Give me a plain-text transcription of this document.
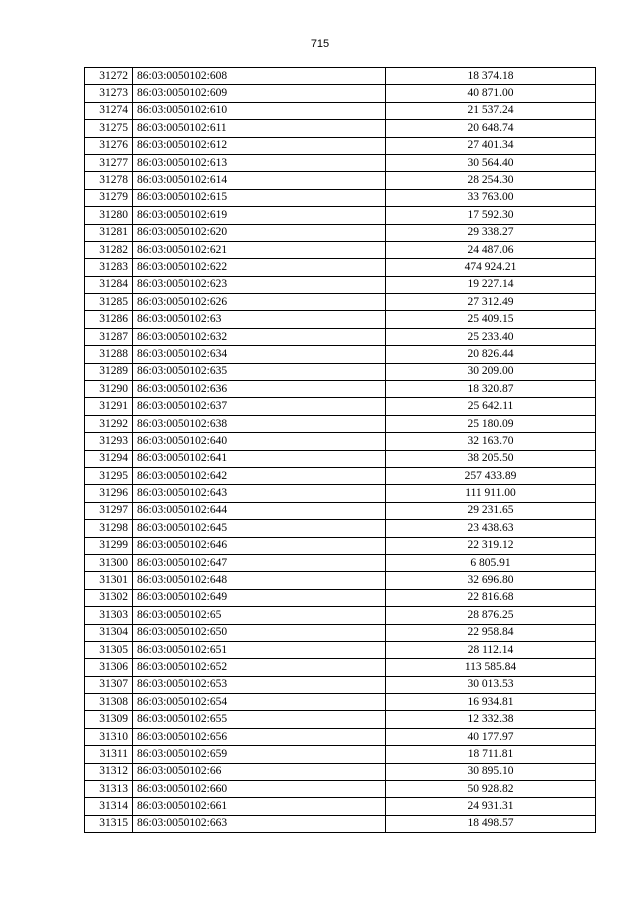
715
31272	86:03:0050102:608	18 374.18
31273	86:03:0050102:609	40 871.00
31274	86:03:0050102:610	21 537.24
31275	86:03:0050102:611	20 648.74
31276	86:03:0050102:612	27 401.34
31277	86:03:0050102:613	30 564.40
31278	86:03:0050102:614	28 254.30
31279	86:03:0050102:615	33 763.00
31280	86:03:0050102:619	17 592.30
31281	86:03:0050102:620	29 338.27
31282	86:03:0050102:621	24 487.06
31283	86:03:0050102:622	474 924.21
31284	86:03:0050102:623	19 227.14
31285	86:03:0050102:626	27 312.49
31286	86:03:0050102:63	25 409.15
31287	86:03:0050102:632	25 233.40
31288	86:03:0050102:634	20 826.44
31289	86:03:0050102:635	30 209.00
31290	86:03:0050102:636	18 320.87
31291	86:03:0050102:637	25 642.11
31292	86:03:0050102:638	25 180.09
31293	86:03:0050102:640	32 163.70
31294	86:03:0050102:641	38 205.50
31295	86:03:0050102:642	257 433.89
31296	86:03:0050102:643	111 911.00
31297	86:03:0050102:644	29 231.65
31298	86:03:0050102:645	23 438.63
31299	86:03:0050102:646	22 319.12
31300	86:03:0050102:647	6 805.91
31301	86:03:0050102:648	32 696.80
31302	86:03:0050102:649	22 816.68
31303	86:03:0050102:65	28 876.25
31304	86:03:0050102:650	22 958.84
31305	86:03:0050102:651	28 112.14
31306	86:03:0050102:652	113 585.84
31307	86:03:0050102:653	30 013.53
31308	86:03:0050102:654	16 934.81
31309	86:03:0050102:655	12 332.38
31310	86:03:0050102:656	40 177.97
31311	86:03:0050102:659	18 711.81
31312	86:03:0050102:66	30 895.10
31313	86:03:0050102:660	50 928.82
31314	86:03:0050102:661	24 931.31
31315	86:03:0050102:663	18 498.57
